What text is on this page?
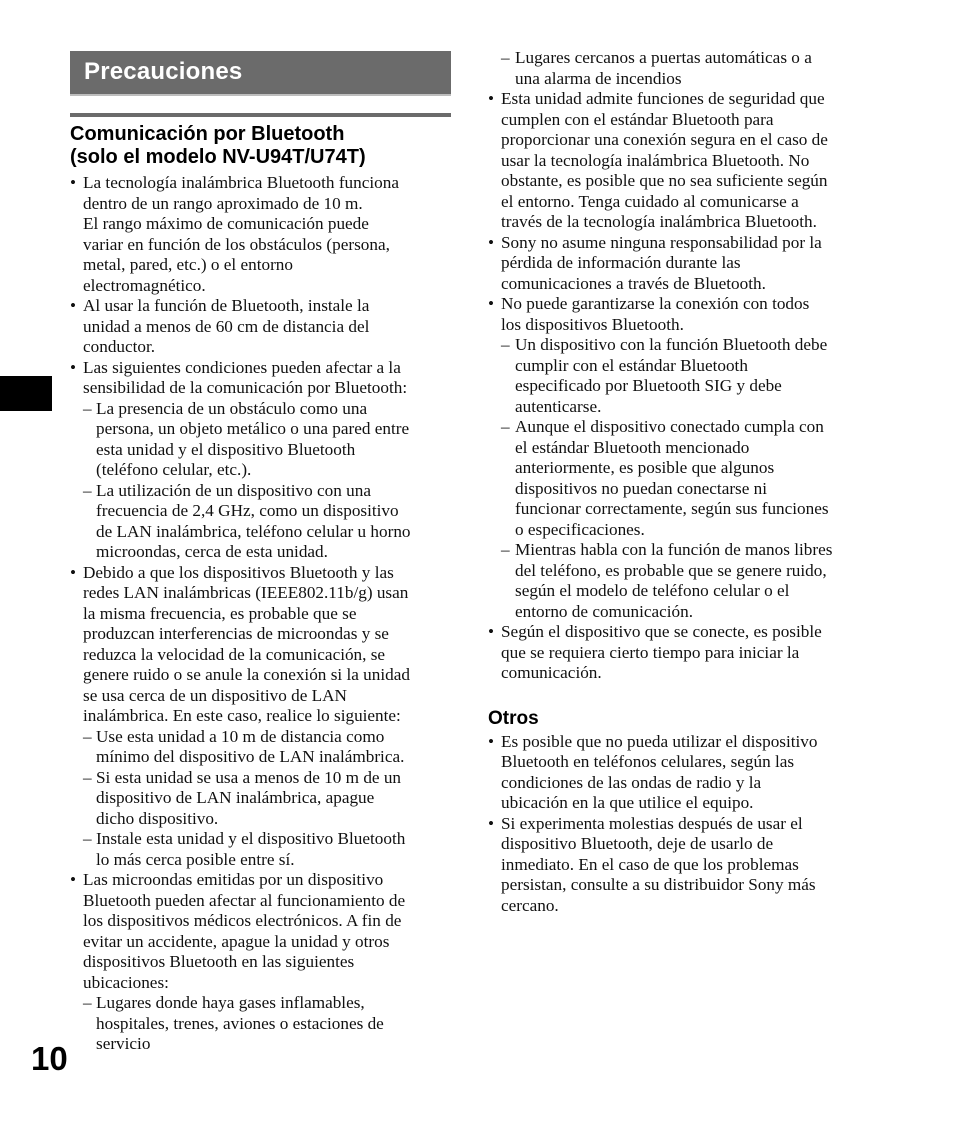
Precauciones
Comunicación por Bluetooth
(solo el modelo NV-U94T/U74T)
• La tecnología inalámbrica Bluetooth funciona
dentro de un rango aproximado de 10 m.
El rango máximo de comunicación puede
variar en función de los obstáculos (persona,
metal, pared, etc.) o el entorno
electromagnético.
• Al usar la función de Bluetooth, instale la
unidad a menos de 60 cm de distancia del
conductor.
• Las siguientes condiciones pueden afectar a la
sensibilidad de la comunicación por Bluetooth:
– La presencia de un obstáculo como una
persona, un objeto metálico o una pared entre
esta unidad y el dispositivo Bluetooth
(teléfono celular, etc.).
– La utilización de un dispositivo con una
frecuencia de 2,4 GHz, como un dispositivo
de LAN inalámbrica, teléfono celular u horno
microondas, cerca de esta unidad.
• Debido a que los dispositivos Bluetooth y las
redes LAN inalámbricas (IEEE802.11b/g) usan
la misma frecuencia, es probable que se
produzcan interferencias de microondas y se
reduzca la velocidad de la comunicación, se
genere ruido o se anule la conexión si la unidad
se usa cerca de un dispositivo de LAN
inalámbrica. En este caso, realice lo siguiente:
– Use esta unidad a 10 m de distancia como
mínimo del dispositivo de LAN inalámbrica.
– Si esta unidad se usa a menos de 10 m de un
dispositivo de LAN inalámbrica, apague
dicho dispositivo.
– Instale esta unidad y el dispositivo Bluetooth
lo más cerca posible entre sí.
• Las microondas emitidas por un dispositivo
Bluetooth pueden afectar al funcionamiento de
los dispositivos médicos electrónicos. A fin de
evitar un accidente, apague la unidad y otros
dispositivos Bluetooth en las siguientes
ubicaciones:
– Lugares donde haya gases inflamables,
hospitales, trenes, aviones o estaciones de
servicio
– Lugares cercanos a puertas automáticas o a
una alarma de incendios
• Esta unidad admite funciones de seguridad que
cumplen con el estándar Bluetooth para
proporcionar una conexión segura en el caso de
usar la tecnología inalámbrica Bluetooth. No
obstante, es posible que no sea suficiente según
el entorno. Tenga cuidado al comunicarse a
través de la tecnología inalámbrica Bluetooth.
• Sony no asume ninguna responsabilidad por la
pérdida de información durante las
comunicaciones a través de Bluetooth.
• No puede garantizarse la conexión con todos
los dispositivos Bluetooth.
– Un dispositivo con la función Bluetooth debe
cumplir con el estándar Bluetooth
especificado por Bluetooth SIG y debe
autenticarse.
– Aunque el dispositivo conectado cumpla con
el estándar Bluetooth mencionado
anteriormente, es posible que algunos
dispositivos no puedan conectarse ni
funcionar correctamente, según sus funciones
o especificaciones.
– Mientras habla con la función de manos libres
del teléfono, es probable que se genere ruido,
según el modelo de teléfono celular o el
entorno de comunicación.
• Según el dispositivo que se conecte, es posible
que se requiera cierto tiempo para iniciar la
comunicación.
Otros
• Es posible que no pueda utilizar el dispositivo
Bluetooth en teléfonos celulares, según las
condiciones de las ondas de radio y la
ubicación en la que utilice el equipo.
• Si experimenta molestias después de usar el
dispositivo Bluetooth, deje de usarlo de
inmediato. En el caso de que los problemas
persistan, consulte a su distribuidor Sony más
cercano.
10
